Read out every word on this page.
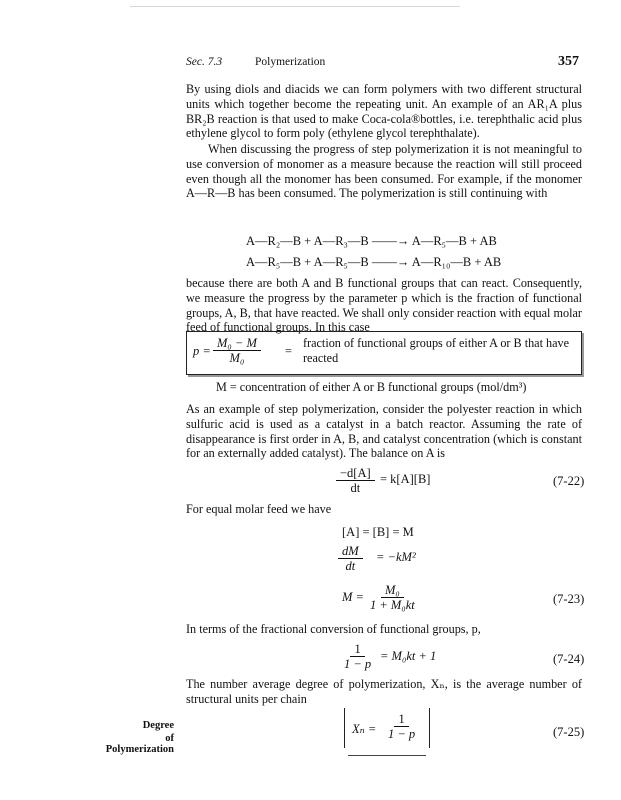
Sec. 7.3	Polymerization	357
By using diols and diacids we can form polymers with two different structural units which together become the repeating unit. An example of an AR₁A plus BR₂B reaction is that used to make Coca-cola®bottles, i.e. terephthalic acid plus ethylene glycol to form poly (ethylene glycol terephthalate).
When discussing the progress of step polymerization it is not meaningful to use conversion of monomer as a measure because the reaction will still proceed even though all the monomer has been consumed. For example, if the monomer A—R—B has been consumed. The polymerization is still continuing with
A—R₂—B + A—R₃—B ——→ A—R₅—B + AB
A—R₅—B + A—R₅—B ——→ A—R₁₀—B + AB
because there are both A and B functional groups that can react. Consequently, we measure the progress by the parameter p which is the fraction of functional groups, A, B, that have reacted. We shall only consider reaction with equal molar feed of functional groups. In this case
$p = \frac{\text{M₀ − M}}{\text{M₀}}$ =
fraction of functional groups of either A or B that have reacted
M = concentration of either A or B functional groups (mol/dm³)
As an example of step polymerization, consider the polyester reaction in which sulfuric acid is used as a catalyst in a batch reactor. Assuming the rate of disappearance is first order in A, B, and catalyst concentration (which is constant for an externally added catalyst). The balance on A is
$\frac{-d[A]}{dt} = k[A][B]$	(7-22)
For equal molar feed we have
[A] = [B] = M
$\frac{dM}{dt} = -kM^2$
$M = \frac{\text{M₀}}{\text{1 + M₀kt}}$	(7-23)
In terms of the fractional conversion of functional groups, p,
$\frac{1}{1 - p} = M_0kt + 1$	(7-24)
The number average degree of polymerization, Xₙ, is the average number of structural units per chain
Degree
of Polymerization
$X_n = \frac{1}{1 - p}$	(7-25)
